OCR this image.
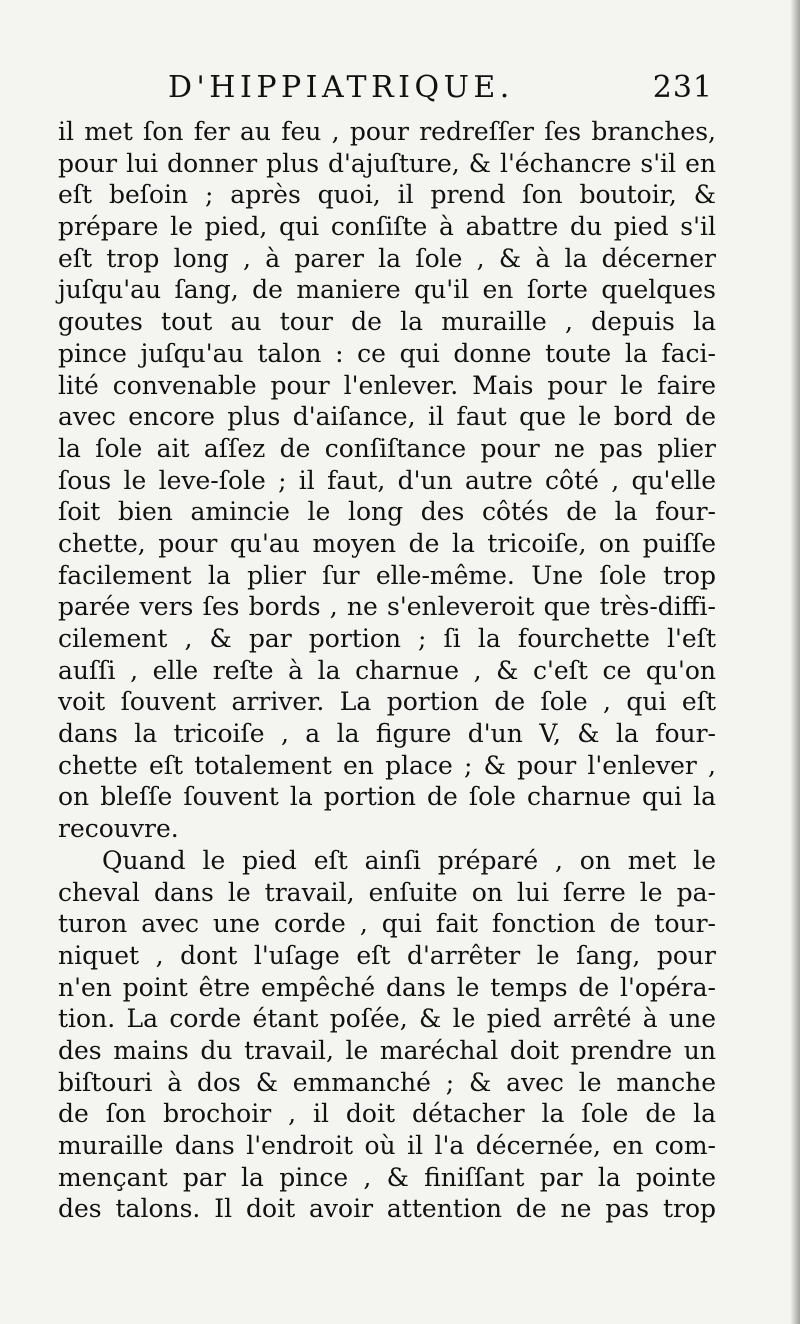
D'HIPPIATRIQUE.	231
il met ſon fer au feu , pour redreſſer ſes branches,
pour lui donner plus d'ajuſture, & l'échancre s'il en
eſt beſoin ; après quoi, il prend ſon boutoir, &
prépare le pied, qui conſiſte à abattre du pied s'il
eſt trop long , à parer la ſole , & à la décerner
juſqu'au ſang, de maniere qu'il en ſorte quelques
goutes tout au tour de la muraille , depuis la
pince juſqu'au talon : ce qui donne toute la faci-
lité convenable pour l'enlever. Mais pour le faire
avec encore plus d'aiſance, il faut que le bord de
la ſole ait aſſez de conſiſtance pour ne pas plier
ſous le leve-ſole ; il faut, d'un autre côté , qu'elle
ſoit bien amincie le long des côtés de la four-
chette, pour qu'au moyen de la tricoiſe, on puiſſe
facilement la plier ſur elle-même. Une ſole trop
parée vers ſes bords , ne s'enleveroit que très-diffi-
cilement , & par portion ; ſi la fourchette l'eſt
auſſi , elle reſte à la charnue , & c'eſt ce qu'on
voit ſouvent arriver. La portion de ſole , qui eſt
dans la tricoiſe , a la figure d'un V, & la four-
chette eſt totalement en place ; & pour l'enlever ,
on bleſſe ſouvent la portion de ſole charnue qui la
recouvre.
Quand le pied eſt ainſi préparé , on met le
cheval dans le travail, enſuite on lui ſerre le pa-
turon avec une corde , qui fait fonction de tour-
niquet , dont l'uſage eſt d'arrêter le ſang, pour
n'en point être empêché dans le temps de l'opéra-
tion. La corde étant poſée, & le pied arrêté à une
des mains du travail, le maréchal doit prendre un
biſtouri à dos & emmanché ; & avec le manche
de ſon brochoir , il doit détacher la ſole de la
muraille dans l'endroit où il l'a décernée, en com-
mençant par la pince , & finiſſant par la pointe
des talons. Il doit avoir attention de ne pas trop
